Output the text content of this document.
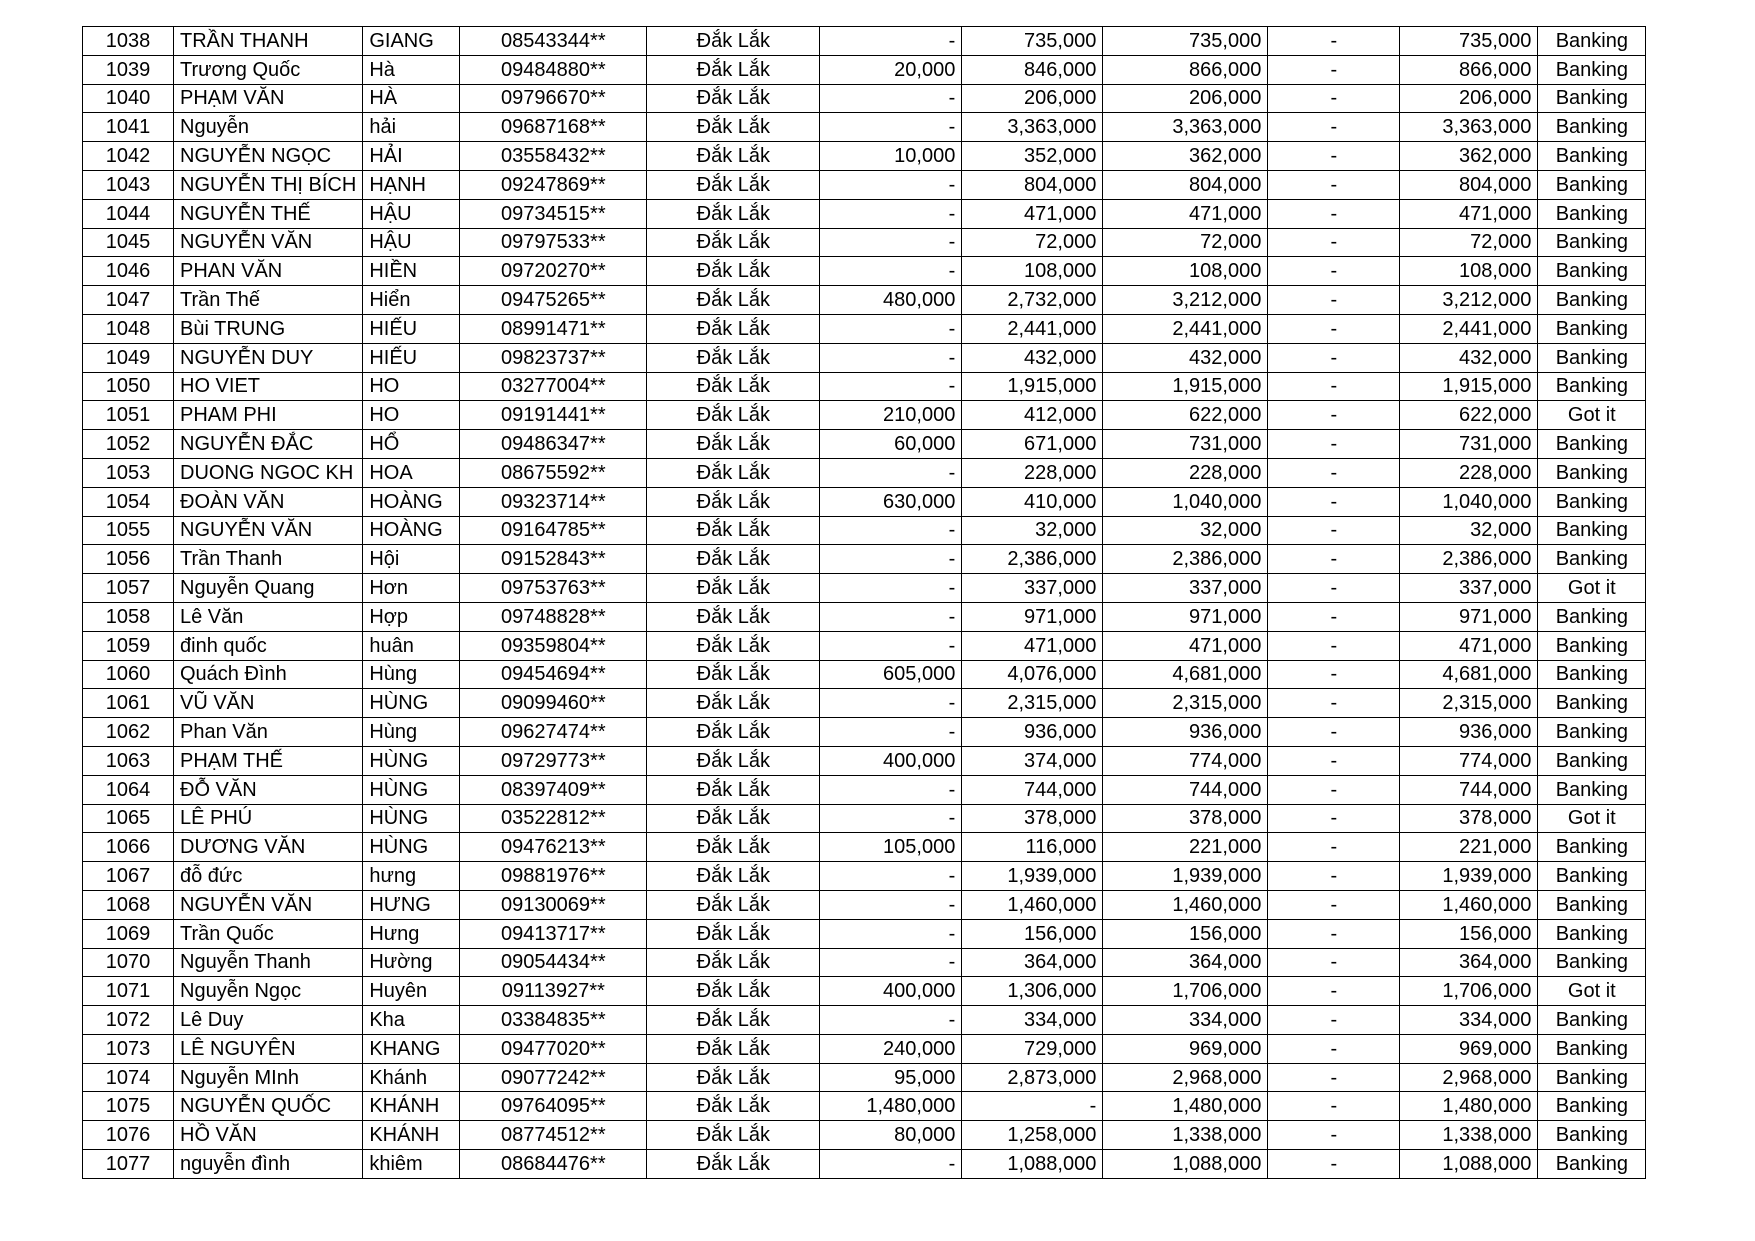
1038	TRẦN THANH	GIANG	08543344**	Đắk Lắk	-	735,000	735,000	-	735,000	Banking
1039	Trương Quốc	Hà	09484880**	Đắk Lắk	20,000	846,000	866,000	-	866,000	Banking
1040	PHẠM VĂN	HÀ	09796670**	Đắk Lắk	-	206,000	206,000	-	206,000	Banking
1041	Nguyễn	hải	09687168**	Đắk Lắk	-	3,363,000	3,363,000	-	3,363,000	Banking
1042	NGUYỄN NGỌC	HẢI	03558432**	Đắk Lắk	10,000	352,000	362,000	-	362,000	Banking
1043	NGUYỄN THỊ BÍCH	HẠNH	09247869**	Đắk Lắk	-	804,000	804,000	-	804,000	Banking
1044	NGUYỄN THẾ	HẬU	09734515**	Đắk Lắk	-	471,000	471,000	-	471,000	Banking
1045	NGUYỄN VĂN	HẬU	09797533**	Đắk Lắk	-	72,000	72,000	-	72,000	Banking
1046	PHAN VĂN	HIỀN	09720270**	Đắk Lắk	-	108,000	108,000	-	108,000	Banking
1047	Trần Thế	Hiển	09475265**	Đắk Lắk	480,000	2,732,000	3,212,000	-	3,212,000	Banking
1048	Bùi TRUNG	HIẾU	08991471**	Đắk Lắk	-	2,441,000	2,441,000	-	2,441,000	Banking
1049	NGUYỄN DUY	HIẾU	09823737**	Đắk Lắk	-	432,000	432,000	-	432,000	Banking
1050	HO VIET	HO	03277004**	Đắk Lắk	-	1,915,000	1,915,000	-	1,915,000	Banking
1051	PHAM PHI	HO	09191441**	Đắk Lắk	210,000	412,000	622,000	-	622,000	Got it
1052	NGUYỄN ĐẮC	HỔ	09486347**	Đắk Lắk	60,000	671,000	731,000	-	731,000	Banking
1053	DUONG NGOC KH	HOA	08675592**	Đắk Lắk	-	228,000	228,000	-	228,000	Banking
1054	ĐOÀN VĂN	HOÀNG	09323714**	Đắk Lắk	630,000	410,000	1,040,000	-	1,040,000	Banking
1055	NGUYỄN VĂN	HOÀNG	09164785**	Đắk Lắk	-	32,000	32,000	-	32,000	Banking
1056	Trần Thanh	Hội	09152843**	Đắk Lắk	-	2,386,000	2,386,000	-	2,386,000	Banking
1057	Nguyễn Quang	Hơn	09753763**	Đắk Lắk	-	337,000	337,000	-	337,000	Got it
1058	Lê Văn	Hợp	09748828**	Đắk Lắk	-	971,000	971,000	-	971,000	Banking
1059	đinh quốc	huân	09359804**	Đắk Lắk	-	471,000	471,000	-	471,000	Banking
1060	Quách Đình	Hùng	09454694**	Đắk Lắk	605,000	4,076,000	4,681,000	-	4,681,000	Banking
1061	VŨ VĂN	HÙNG	09099460**	Đắk Lắk	-	2,315,000	2,315,000	-	2,315,000	Banking
1062	Phan Văn	Hùng	09627474**	Đắk Lắk	-	936,000	936,000	-	936,000	Banking
1063	PHẠM THẾ	HÙNG	09729773**	Đắk Lắk	400,000	374,000	774,000	-	774,000	Banking
1064	ĐỖ VĂN	HÙNG	08397409**	Đắk Lắk	-	744,000	744,000	-	744,000	Banking
1065	LÊ PHÚ	HÙNG	03522812**	Đắk Lắk	-	378,000	378,000	-	378,000	Got it
1066	DƯƠNG VĂN	HÙNG	09476213**	Đắk Lắk	105,000	116,000	221,000	-	221,000	Banking
1067	đỗ đức	hưng	09881976**	Đắk Lắk	-	1,939,000	1,939,000	-	1,939,000	Banking
1068	NGUYỄN VĂN	HƯNG	09130069**	Đắk Lắk	-	1,460,000	1,460,000	-	1,460,000	Banking
1069	Trần Quốc	Hưng	09413717**	Đắk Lắk	-	156,000	156,000	-	156,000	Banking
1070	Nguyễn Thanh	Hường	09054434**	Đắk Lắk	-	364,000	364,000	-	364,000	Banking
1071	Nguyễn Ngọc	Huyên	09113927**	Đắk Lắk	400,000	1,306,000	1,706,000	-	1,706,000	Got it
1072	Lê Duy	Kha	03384835**	Đắk Lắk	-	334,000	334,000	-	334,000	Banking
1073	LÊ NGUYÊN	KHANG	09477020**	Đắk Lắk	240,000	729,000	969,000	-	969,000	Banking
1074	Nguyễn MInh	Khánh	09077242**	Đắk Lắk	95,000	2,873,000	2,968,000	-	2,968,000	Banking
1075	NGUYỄN QUỐC	KHÁNH	09764095**	Đắk Lắk	1,480,000	-	1,480,000	-	1,480,000	Banking
1076	HỒ VĂN	KHÁNH	08774512**	Đắk Lắk	80,000	1,258,000	1,338,000	-	1,338,000	Banking
1077	nguyễn đình	khiêm	08684476**	Đắk Lắk	-	1,088,000	1,088,000	-	1,088,000	Banking
